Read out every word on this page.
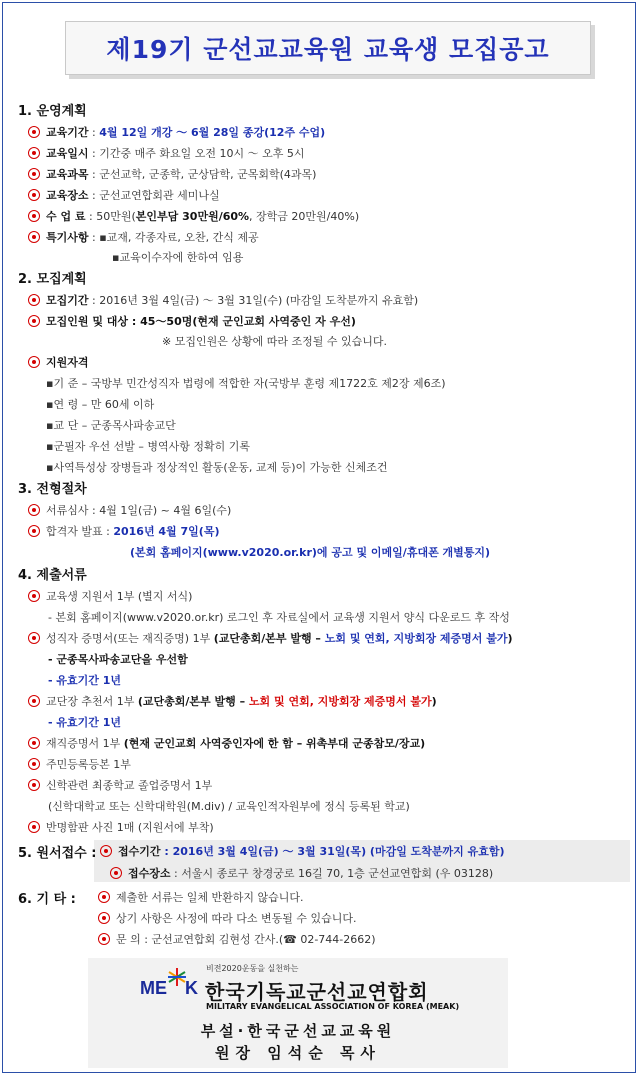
제19기 군선교교육원 교육생 모집공고
1. 운영계획
교육기간 : 4월 12일 개강 ～ 6월 28일 종강(12주 수업)
교육일시 : 기간중 매주 화요일 오전 10시 ～ 오후 5시
교육과목 : 군선교학, 군종학, 군상담학, 군목회학(4과목)
교육장소 : 군선교연합회관 세미나실
수 업 료 : 50만원(본인부담 30만원/60%, 장학금 20만원/40%)
특기사항 : ▪교재, 각종자료, 오찬, 간식 제공
▪교육이수자에 한하여 임용
2. 모집계획
모집기간 : 2016년 3월 4일(금) ～ 3월 31일(수) (마감일 도착분까지 유효함)
모집인원 및 대상 : 45～50명(현재 군인교회 사역중인 자 우선)
※ 모집인원은 상황에 따라 조정될 수 있습니다.
지원자격
▪기 준 – 국방부 민간성직자 법령에 적합한 자(국방부 훈령 제1722호 제2장 제6조)
▪연 령 – 만 60세 이하
▪교 단 – 군종목사파송교단
▪군필자 우선 선발 – 병역사항 정확히 기록
▪사역특성상 장병들과 정상적인 활동(운동, 교제 등)이 가능한 신체조건
3. 전형절차
서류심사 : 4월 1일(금) ~ 4월 6일(수)
합격자 발표 : 2016년 4월 7일(목)
(본회 홈페이지(www.v2020.or.kr)에 공고 및 이메일/휴대폰 개별통지)
4. 제출서류
교육생 지원서 1부 (별지 서식)
- 본회 홈페이지(www.v2020.or.kr) 로그인 후 자료실에서 교육생 지원서 양식 다운로드 후 작성
성직자 증명서(또는 재직증명) 1부 (교단총회/본부 발행 – 노회 및 연회, 지방회장 제증명서 불가)
- 군종목사파송교단을 우선함
- 유효기간 1년
교단장 추천서 1부 (교단총회/본부 발행 – 노회 및 연회, 지방회장 제증명서 불가)
- 유효기간 1년
재직증명서 1부 (현재 군인교회 사역중인자에 한 함 – 위촉부대 군종참모/장교)
주민등록등본 1부
신학관련 최종학교 졸업증명서 1부
(신학대학교 또는 신학대학원(M.div) / 교육인적자원부에 정식 등록된 학교)
반명함판 사진 1매 (지원서에 부착)
5. 원서접수 :	접수기간 : 2016년 3월 4일(금) ～ 3월 31일(목) (마감일 도착분까지 유효함)
접수장소 : 서울시 종로구 창경궁로 16길 70, 1층 군선교연합회 (우 03128)
6. 기 타 :	제출한 서류는 일체 반환하지 않습니다.
상기 사항은 사정에 따라 다소 변동될 수 있습니다.
문 의 : 군선교연합회 김현성 간사.(☎ 02-744-2662)
비전2020운동을 실천하는
ME K 한국기독교군선교연합회
MILITARY EVANGELICAL ASSOCIATION OF KOREA (MEAK)
부설·한국군선교교육원
원장 임석순 목사
